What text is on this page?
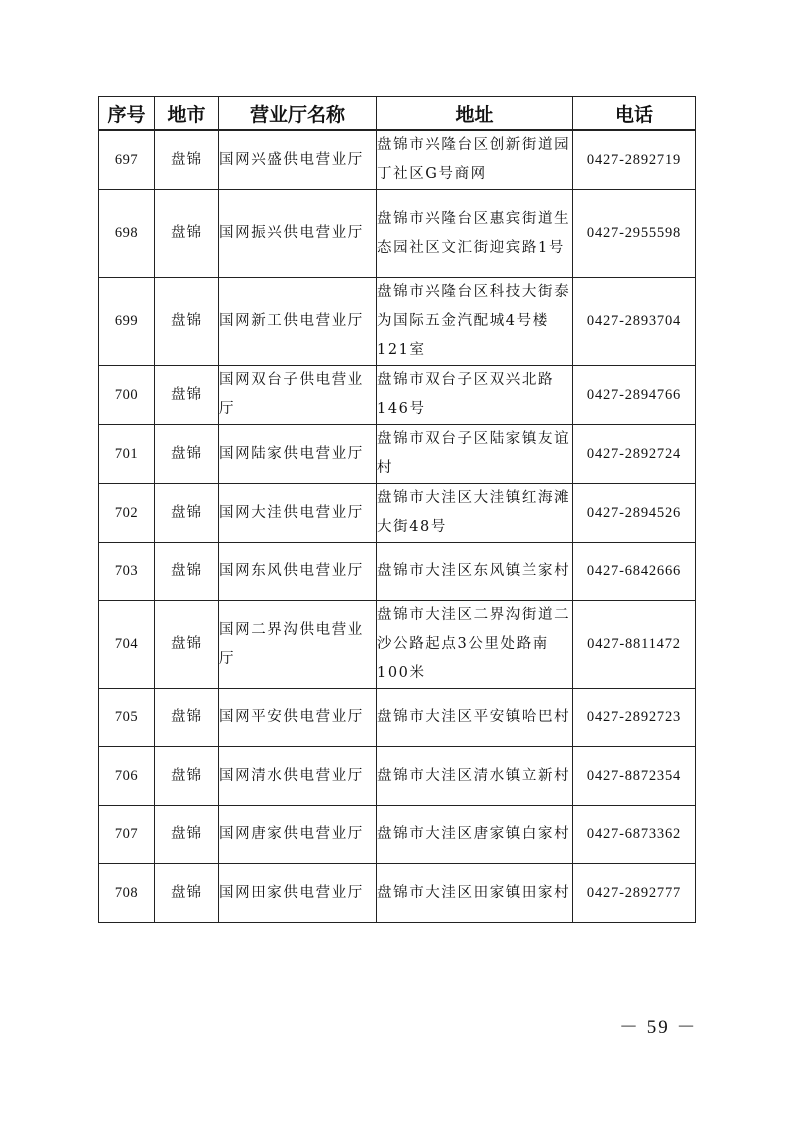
序号	地市	营业厅名称	地址	电话
697	盘锦	国网兴盛供电营业厅	盘锦市兴隆台区创新街道园丁社区G号商网	0427-2892719
698	盘锦	国网振兴供电营业厅	盘锦市兴隆台区惠宾街道生态园社区文汇街迎宾路1号	0427-2955598
699	盘锦	国网新工供电营业厅	盘锦市兴隆台区科技大街泰为国际五金汽配城4号楼121室	0427-2893704
700	盘锦	国网双台子供电营业厅	盘锦市双台子区双兴北路146号	0427-2894766
701	盘锦	国网陆家供电营业厅	盘锦市双台子区陆家镇友谊村	0427-2892724
702	盘锦	国网大洼供电营业厅	盘锦市大洼区大洼镇红海滩大街48号	0427-2894526
703	盘锦	国网东风供电营业厅	盘锦市大洼区东风镇兰家村	0427-6842666
704	盘锦	国网二界沟供电营业厅	盘锦市大洼区二界沟街道二沙公路起点3公里处路南100米	0427-8811472
705	盘锦	国网平安供电营业厅	盘锦市大洼区平安镇哈巴村	0427-2892723
706	盘锦	国网清水供电营业厅	盘锦市大洼区清水镇立新村	0427-8872354
707	盘锦	国网唐家供电营业厅	盘锦市大洼区唐家镇白家村	0427-6873362
708	盘锦	国网田家供电营业厅	盘锦市大洼区田家镇田家村	0427-2892777
－ 59 －
